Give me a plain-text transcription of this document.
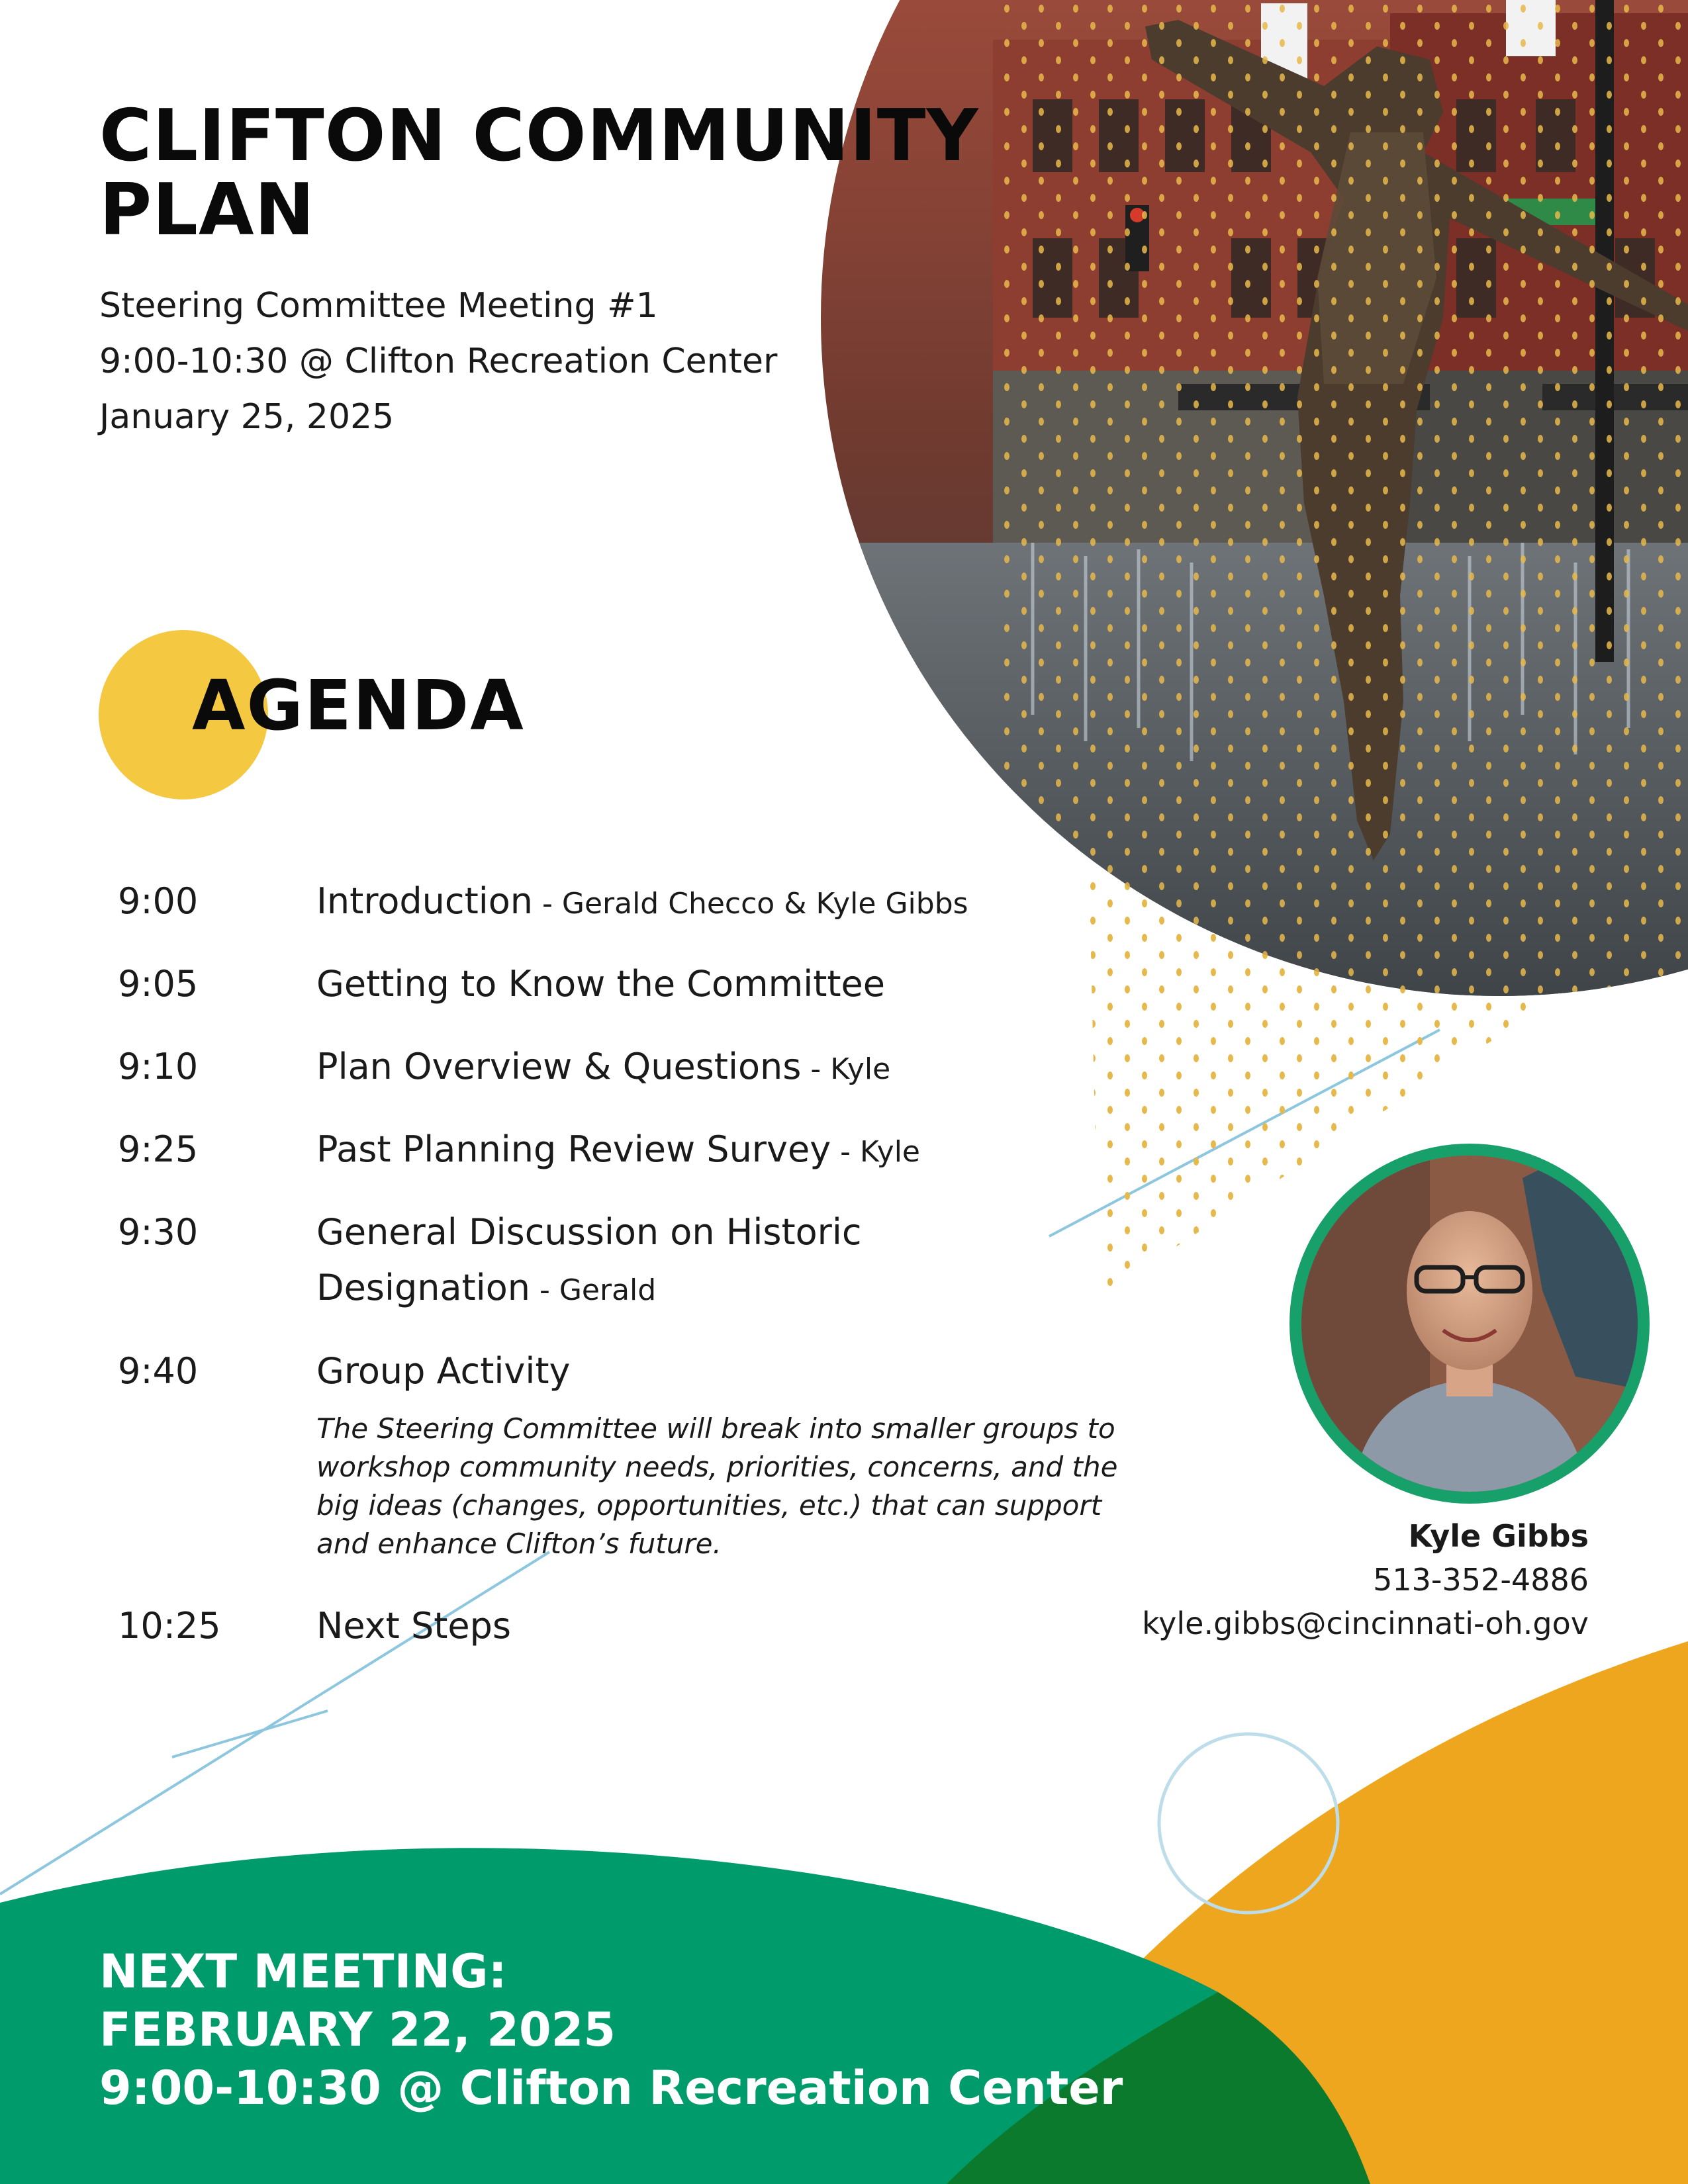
CLIFTON COMMUNITY
PLAN
Steering Committee Meeting #1
9:00-10:30 @ Clifton Recreation Center
January 25, 2025
AGENDA
9:00	Introduction - Gerald Checco & Kyle Gibbs
9:05	Getting to Know the Committee
9:10	Plan Overview & Questions - Kyle
9:25	Past Planning Review Survey - Kyle
9:30	General Discussion on Historic Designation - Gerald
9:40	Group Activity
The Steering Committee will break into smaller groups to workshop community needs, priorities, concerns, and the big ideas (changes, opportunities, etc.) that can support and enhance Clifton’s future.
10:25	Next Steps
Kyle Gibbs
513-352-4886
kyle.gibbs@cincinnati-oh.gov
NEXT MEETING:
FEBRUARY 22, 2025
9:00-10:30 @ Clifton Recreation Center
